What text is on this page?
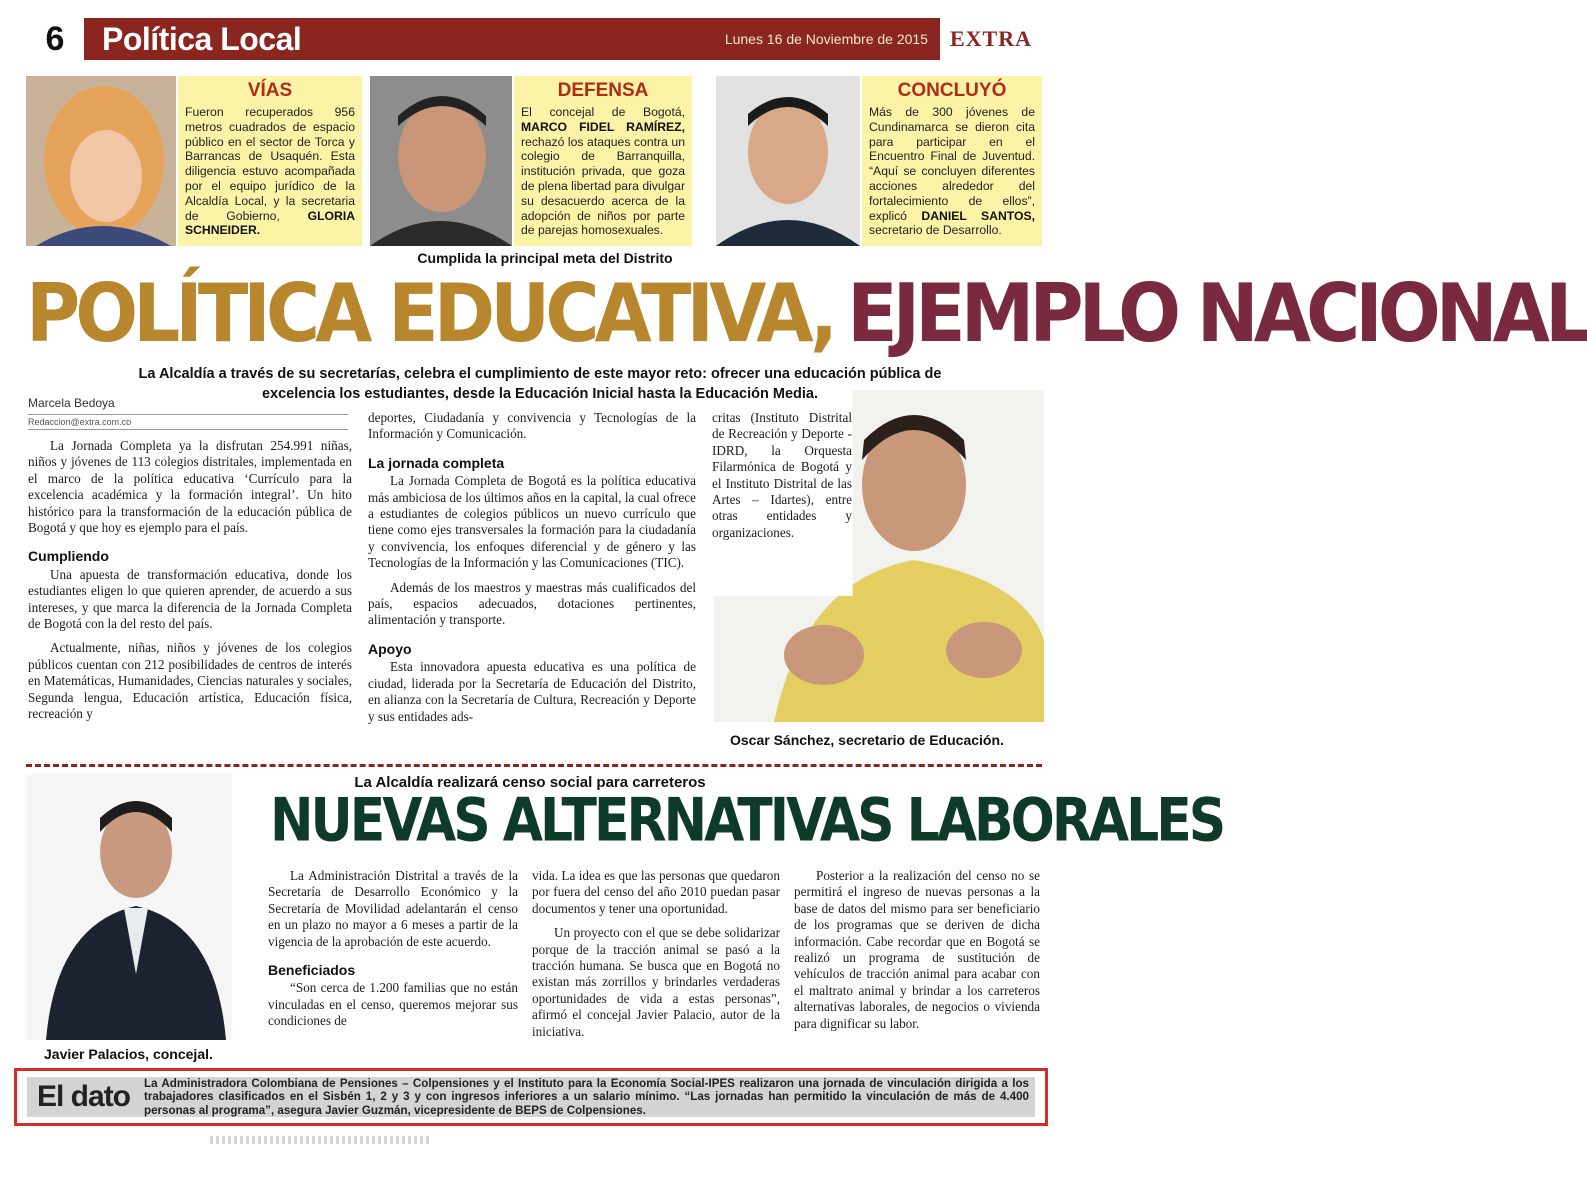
6	Política Local	Lunes 16 de Noviembre de 2015	EXTRA
VÍAS
Fueron recuperados 956 metros cuadrados de espacio público en el sector de Torca y Barrancas de Usaquén. Esta diligencia estuvo acompañada por el equipo jurídico de la Alcaldía Local, y la secretaria de Gobierno, GLORIA SCHNEIDER.
DEFENSA
El concejal de Bogotá, MARCO FIDEL RAMÍREZ, rechazó los ataques contra un colegio de Barranquilla, institución privada, que goza de plena libertad para divulgar su desacuerdo acerca de la adopción de niños por parte de parejas homosexuales.
CONCLUYÓ
Más de 300 jóvenes de Cundinamarca se dieron cita para participar en el Encuentro Final de Juventud. “Aquí se concluyen diferentes acciones alrededor del fortalecimiento de ellos”, explicó DANIEL SANTOS, secretario de Desarrollo.
Cumplida la principal meta del Distrito
POLÍTICA EDUCATIVA, EJEMPLO NACIONAL
La Alcaldía a través de su secretarías, celebra el cumplimiento de este mayor reto: ofrecer una educación pública de excelencia los estudiantes, desde la Educación Inicial hasta la Educación Media.
Marcela Bedoya
Redaccion@extra.com.co

La Jornada Completa ya la disfrutan 254.991 niñas, niños y jóvenes de 113 colegios distritales, implementada en el marco de la política educativa ‘Currículo para la excelencia académica y la formación integral’. Un hito histórico para la transformación de la educación pública de Bogotá y que hoy es ejemplo para el país.

Cumpliendo

Una apuesta de transformación educativa, donde los estudiantes eligen lo que quieren aprender, de acuerdo a sus intereses, y que marca la diferencia de la Jornada Completa de Bogotá con la del resto del país.

Actualmente, niñas, niños y jóvenes de los colegios públicos cuentan con 212 posibilidades de centros de interés en Matemáticas, Humanidades, Ciencias naturales y sociales, Segunda lengua, Educación artística, Educación física, recreación y

deportes, Ciudadanía y convivencia y Tecnologías de la Información y Comunicación.

La jornada completa

La Jornada Completa de Bogotá es la política educativa más ambiciosa de los últimos años en la capital, la cual ofrece a estudiantes de colegios públicos un nuevo currículo que tiene como ejes transversales la formación para la ciudadanía y convivencia, los enfoques diferencial y de género y las Tecnologías de la Información y las Comunicaciones (TIC).

Además de los maestros y maestras más cualificados del país, espacios adecuados, dotaciones pertinentes, alimentación y transporte.

Apoyo

Esta innovadora apuesta educativa es una política de ciudad, liderada por la Secretaría de Educación del Distrito, en alianza con la Secretaría de Cultura, Recreación y Deporte y sus entidades ads-

critas (Instituto Distrital de Recreación y Deporte - IDRD, la Orquesta Filarmónica de Bogotá y el Instituto Distrital de las Artes – Idartes), entre otras entidades y organizaciones.

Oscar Sánchez, secretario de Educación.
Javier Palacios, concejal.
La Alcaldía realizará censo social para carreteros
NUEVAS ALTERNATIVAS LABORALES

La Administración Distrital a través de la Secretaría de Desarrollo Económico y la Secretaría de Movilidad adelantarán el censo en un plazo no mayor a 6 meses a partir de la vigencia de la aprobación de este acuerdo.

Beneficiados

“Son cerca de 1.200 familias que no están vinculadas en el censo, queremos mejorar sus condiciones de

vida. La idea es que las personas que quedaron por fuera del censo del año 2010 puedan pasar documentos y tener una oportunidad.

Un proyecto con el que se debe solidarizar porque de la tracción animal se pasó a la tracción humana. Se busca que en Bogotá no existan más zorrillos y brindarles verdaderas oportunidades de vida a estas personas”, afirmó el concejal Javier Palacio, autor de la iniciativa.

Posterior a la realización del censo no se permitirá el ingreso de nuevas personas a la base de datos del mismo para ser beneficiario de los programas que se deriven de dicha información. Cabe recordar que en Bogotá se realizó un programa de sustitución de vehículos de tracción animal para acabar con el maltrato animal y brindar a los carreteros alternativas laborales, de negocios o vivienda para dignificar su labor.

El dato	La Administradora Colombiana de Pensiones – Colpensiones y el Instituto para la Economía Social-IPES realizaron una jornada de vinculación dirigida a los trabajadores clasificados en el Sisbén 1, 2 y 3 y con ingresos inferiores a un salario mínimo. “Las jornadas han permitido la vinculación de más de 4.400 personas al programa”, asegura Javier Guzmán, vicepresidente de BEPS de Colpensiones.
